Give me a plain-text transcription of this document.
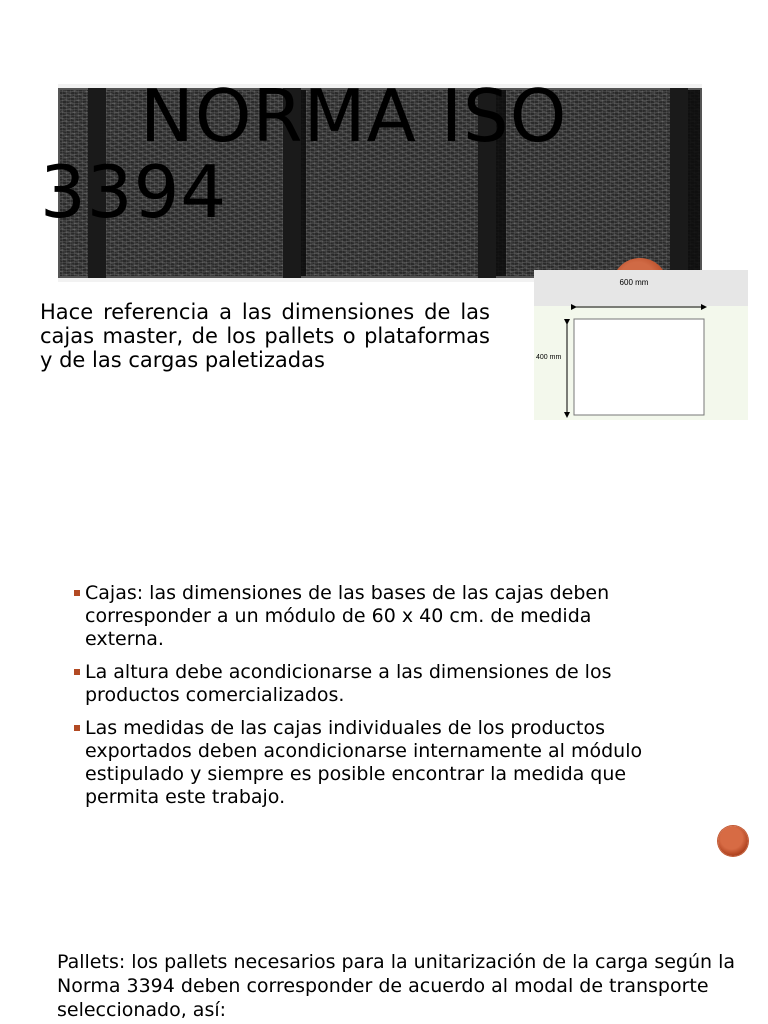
NORMA ISO
3394
600 mm
400 mm

Hace referencia a las dimensiones de las cajas master, de los pallets o plataformas y de las cargas paletizadas

Cajas: las dimensiones de las bases de las cajas deben corresponder a un módulo de 60 x 40 cm. de medida externa.
La altura debe acondicionarse a las dimensiones de los productos comercializados.
Las medidas de las cajas individuales de los productos exportados deben acondicionarse internamente al módulo estipulado y siempre es posible encontrar la medida que permita este trabajo.

Pallets: los pallets necesarios para la unitarización de la carga según la Norma 3394 deben corresponder de acuerdo al modal de transporte seleccionado, así:
